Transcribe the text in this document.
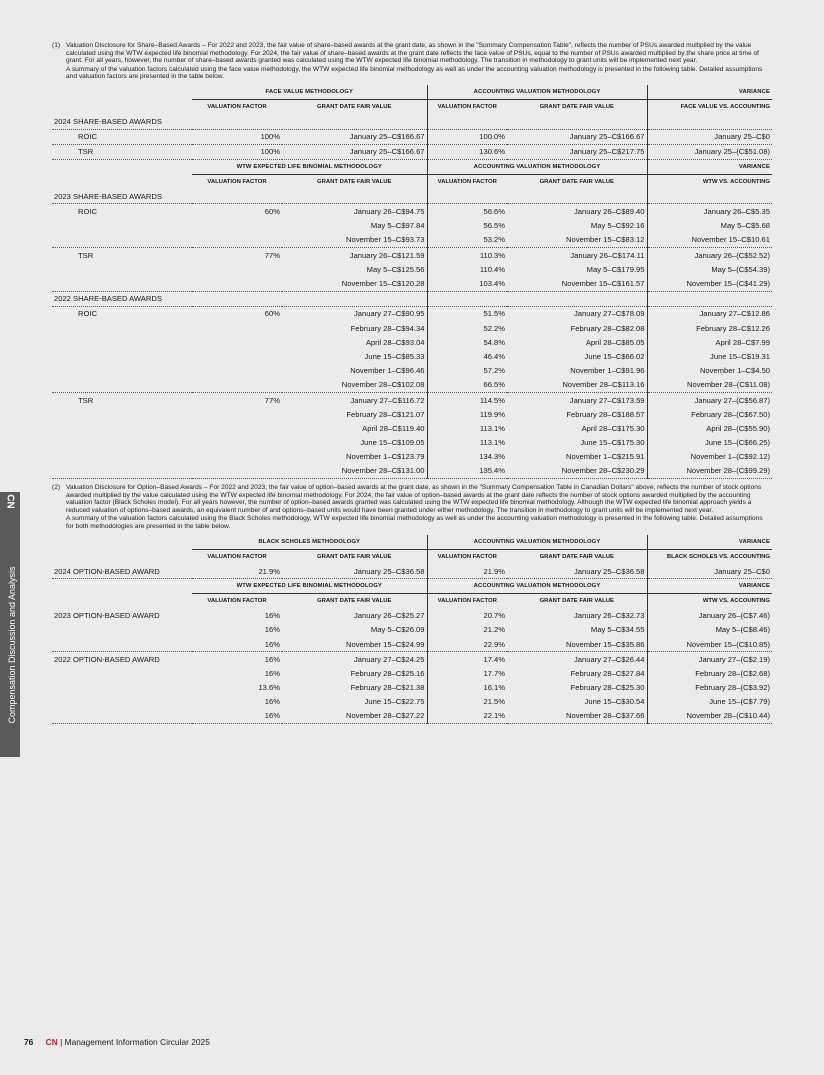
CN
Compensation Discussion and Analysis
(1) Valuation Disclosure for Share–Based Awards – For 2022 and 2023, the fair value of share–based awards at the grant date, as shown in the "Summary Compensation Table", reflects the number of PSUs awarded multiplied by the value calculated using the WTW expected life binomial methodology. For 2024, the fair value of share–based awards at the grant date reflects the face value of PSUs, equal to the number of PSUs awarded multiplied by the share price at time of grant. For all years, however, the number of share–based awards granted was calculated using the WTW expected life binomial methodology. The transition in methodology to grant units will be implemented next year.

A summary of the valuation factors calculated using the face value methodology, the WTW expected life binomial methodology as well as under the accounting valuation methodology is presented in the following table. Detailed assumptions and valuation factors are presented in the table below.

	FACE VALUE METHODOLOGY		ACCOUNTING VALUATION METHODOLOGY		VARIANCE
	VALUATION FACTOR	GRANT DATE FAIR VALUE	VALUATION FACTOR	GRANT DATE FAIR VALUE	FACE VALUE VS. ACCOUNTING
2024 SHARE-BASED AWARDS					
ROIC	100%	January 25–C$166.67	100.0%	January 25–C$166.67	January 25–C$0
TSR	100%	January 25–C$166.67	130.6%	January 25–C$217.75	January 25–(C$51.08)
	WTW EXPECTED LIFE BINOMIAL METHODOLOGY		ACCOUNTING VALUATION METHODOLOGY		VARIANCE
	VALUATION FACTOR	GRANT DATE FAIR VALUE	VALUATION FACTOR	GRANT DATE FAIR VALUE	WTW VS. ACCOUNTING
2023 SHARE-BASED AWARDS					
ROIC	60%	January 26–C$94.75	56.6%	January 26–C$89.40	January 26–C$5.35
		May 5–C$97.84	56.5%	May 5–C$92.16	May 5–C$5.68
		November 15–C$93.73	53.2%	November 15–C$83.12	November 15–C$10.61
TSR	77%	January 26–C$121.59	110.3%	January 26–C$174.11	January 26–(C$52.52)
		May 5–C$125.56	110.4%	May 5–C$179.95	May 5–(C$54.39)
		November 15–C$120.28	103.4%	November 15–C$161.57	November 15–(C$41.29)
2022 SHARE-BASED AWARDS					
ROIC	60%	January 27–C$90.95	51.5%	January 27–C$78.09	January 27–C$12.86
		February 28–C$94.34	52.2%	February 28–C$82.08	February 28–C$12.26
		April 28–C$93.04	54.8%	April 28–C$85.05	April 28–C$7.99
		June 15–C$85.33	46.4%	June 15–C$66.02	June 15–C$19.31
		November 1–C$96.46	57.2%	November 1–C$91.96	November 1–C$4.50
		November 28–C$102.08	66.5%	November 28–C$113.16	November 28–(C$11.08)
TSR	77%	January 27–C$116.72	114.5%	January 27–C$173.59	January 27–(C$56.87)
		February 28–C$121.07	119.9%	February 28–C$188.57	February 28–(C$67.50)
		April 28–C$119.40	113.1%	April 28–C$175.30	April 28–(C$55.90)
		June 15–C$109.05	113.1%	June 15–C$175.30	June 15–(C$66.25)
		November 1–C$123.79	134.3%	November 1–C$215.91	November 1–(C$92.12)
		November 28–C$131.00	135.4%	November 28–C$230.29	November 28–(C$99.29)
(2) Valuation Disclosure for Option–Based Awards – For 2022 and 2023, the fair value of option–based awards at the grant date, as shown in the "Summary Compensation Table in Canadian Dollars" above, reflects the number of stock options awarded multiplied by the value calculated using the WTW expected life binomial methodology. For 2024, the fair value of option–based awards at the grant date reflects the number of stock options awarded multiplied by the accounting valuation factor (Black Scholes model). For all years however, the number of option–based awards granted was calculated using the WTW expected life binomial methodology. Although the WTW expected life binomial approach yields a reduced valuation of options–based awards, an equivalent number of and options–based units would have been granted under either methodology. The transition in methodology to grant units will be implemented next year.

A summary of the valuation factors calculated using the Black Scholes methodology, WTW expected life binomial methodology as well as under the accounting valuation methodology is presented in the following table. Detailed assumptions for both methodologies are presented in the table below.

	BLACK SCHOLES METHODOLOGY		ACCOUNTING VALUATION METHODOLOGY		VARIANCE
	VALUATION FACTOR	GRANT DATE FAIR VALUE	VALUATION FACTOR	GRANT DATE FAIR VALUE	BLACK SCHOLES VS. ACCOUNTING
2024 OPTION-BASED AWARD	21.9%	January 25–C$36.58	21.9%	January 25–C$36.58	January 25–C$0
	WTW EXPECTED LIFE BINOMIAL METHODOLOGY		ACCOUNTING VALUATION METHODOLOGY		VARIANCE
	VALUATION FACTOR	GRANT DATE FAIR VALUE	VALUATION FACTOR	GRANT DATE FAIR VALUE	WTW VS. ACCOUNTING
2023 OPTION-BASED AWARD	16%	January 26–C$25.27	20.7%	January 26–C$32.73	January 26–(C$7.46)
	16%	May 5–C$26.09	21.2%	May 5–C$34.55	May 5–(C$8.46)
	16%	November 15–C$24.99	22.9%	November 15–C$35.86	November 15–(C$10.85)
2022 OPTION-BASED AWARD	16%	January 27–C$24.25	17.4%	January 27–C$26.44	January 27–(C$2.19)
	16%	February 28–C$25.16	17.7%	February 28–C$27.84	February 28–(C$2.68)
	13.6%	February 28–C$21.38	16.1%	February 28–C$25.30	February 28–(C$3.92)
	16%	June 15–C$22.75	21.5%	June 15–C$30.54	June 15–(C$7.79)
	16%	November 28–C$27.22	22.1%	November 28–C$37.66	November 28–(C$10.44)
76 CN | Management Information Circular 2025
